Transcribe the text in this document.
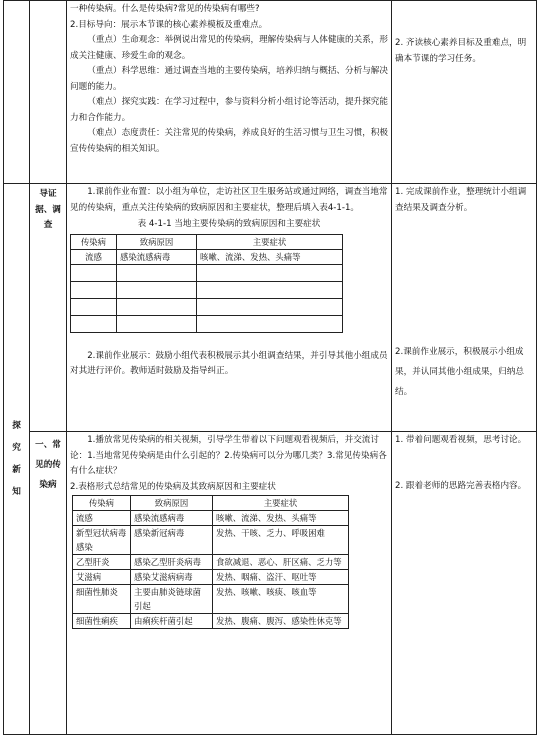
一种传染病。什么是传染病?常见的传染病有哪些?

2.目标导向：展示本节课的核心素养模板及重难点。

（重点）生命观念：举例说出常见的传染病，理解传染病与人体健康的关系，形成关注健康、珍爱生命的观念。

（重点）科学思维：通过调查当地的主要传染病，培养归纳与概括、分析与解决问题的能力。

（难点）探究实践：在学习过程中，参与资料分析小组讨论等活动，提升探究能力和合作能力。

（难点）态度责任：关注常见的传染病，养成良好的生活习惯与卫生习惯，积极宣传传染病的相关知识。

2. 齐读核心素养目标及重难点，明确本节课的学习任务。

探究新知

导证据、调查

1.课前作业布置：以小组为单位，走访社区卫生服务站或通过网络，调查当地常见的传染病，重点关注传染病的致病原因和主要症状，整理后填入表4-1-1。

表 4-1-1 当地主要传染病的致病原因和主要症状

传染病	致病原因	主要症状
流感	感染流感病毒	咳嗽、流涕、发热、头痛等

2.课前作业展示：鼓励小组代表积极展示其小组调查结果，并引导其他小组成员对其进行评价。教师适时鼓励及指导纠正。

1. 完成课前作业，整理统计小组调查结果及调查分析。

2.课前作业展示，积极展示小组成果，并认同其他小组成果，归纳总结。

一、常见的传染病

1.播放常见传染病的相关视频，引导学生带着以下问题观看视频后，并交流讨论：1.当地常见传染病是由什么引起的？2.传染病可以分为哪几类？3.常见传染病各有什么症状？

2.表格形式总结常见的传染病及其致病原因和主要症状

传染病	致病原因	主要症状
流感	感染流感病毒	咳嗽、流涕、发热、头痛等
新型冠状病毒感染	感染新冠病毒	发热、干咳、乏力、呼吸困难
乙型肝炎	感染乙型肝炎病毒	食欲减退、恶心、肝区痛、乏力等
艾滋病	感染艾滋病病毒	发热、咽痛、盗汗、呕吐等
细菌性肺炎	主要由肺炎链球菌引起	发热、咳嗽、咳痰、咳血等
细菌性痢疾	由痢疾杆菌引起	发热、腹痛、腹泻、感染性休克等

1. 带着问题观看视频，思考讨论。

2. 跟着老师的思路完善表格内容。
